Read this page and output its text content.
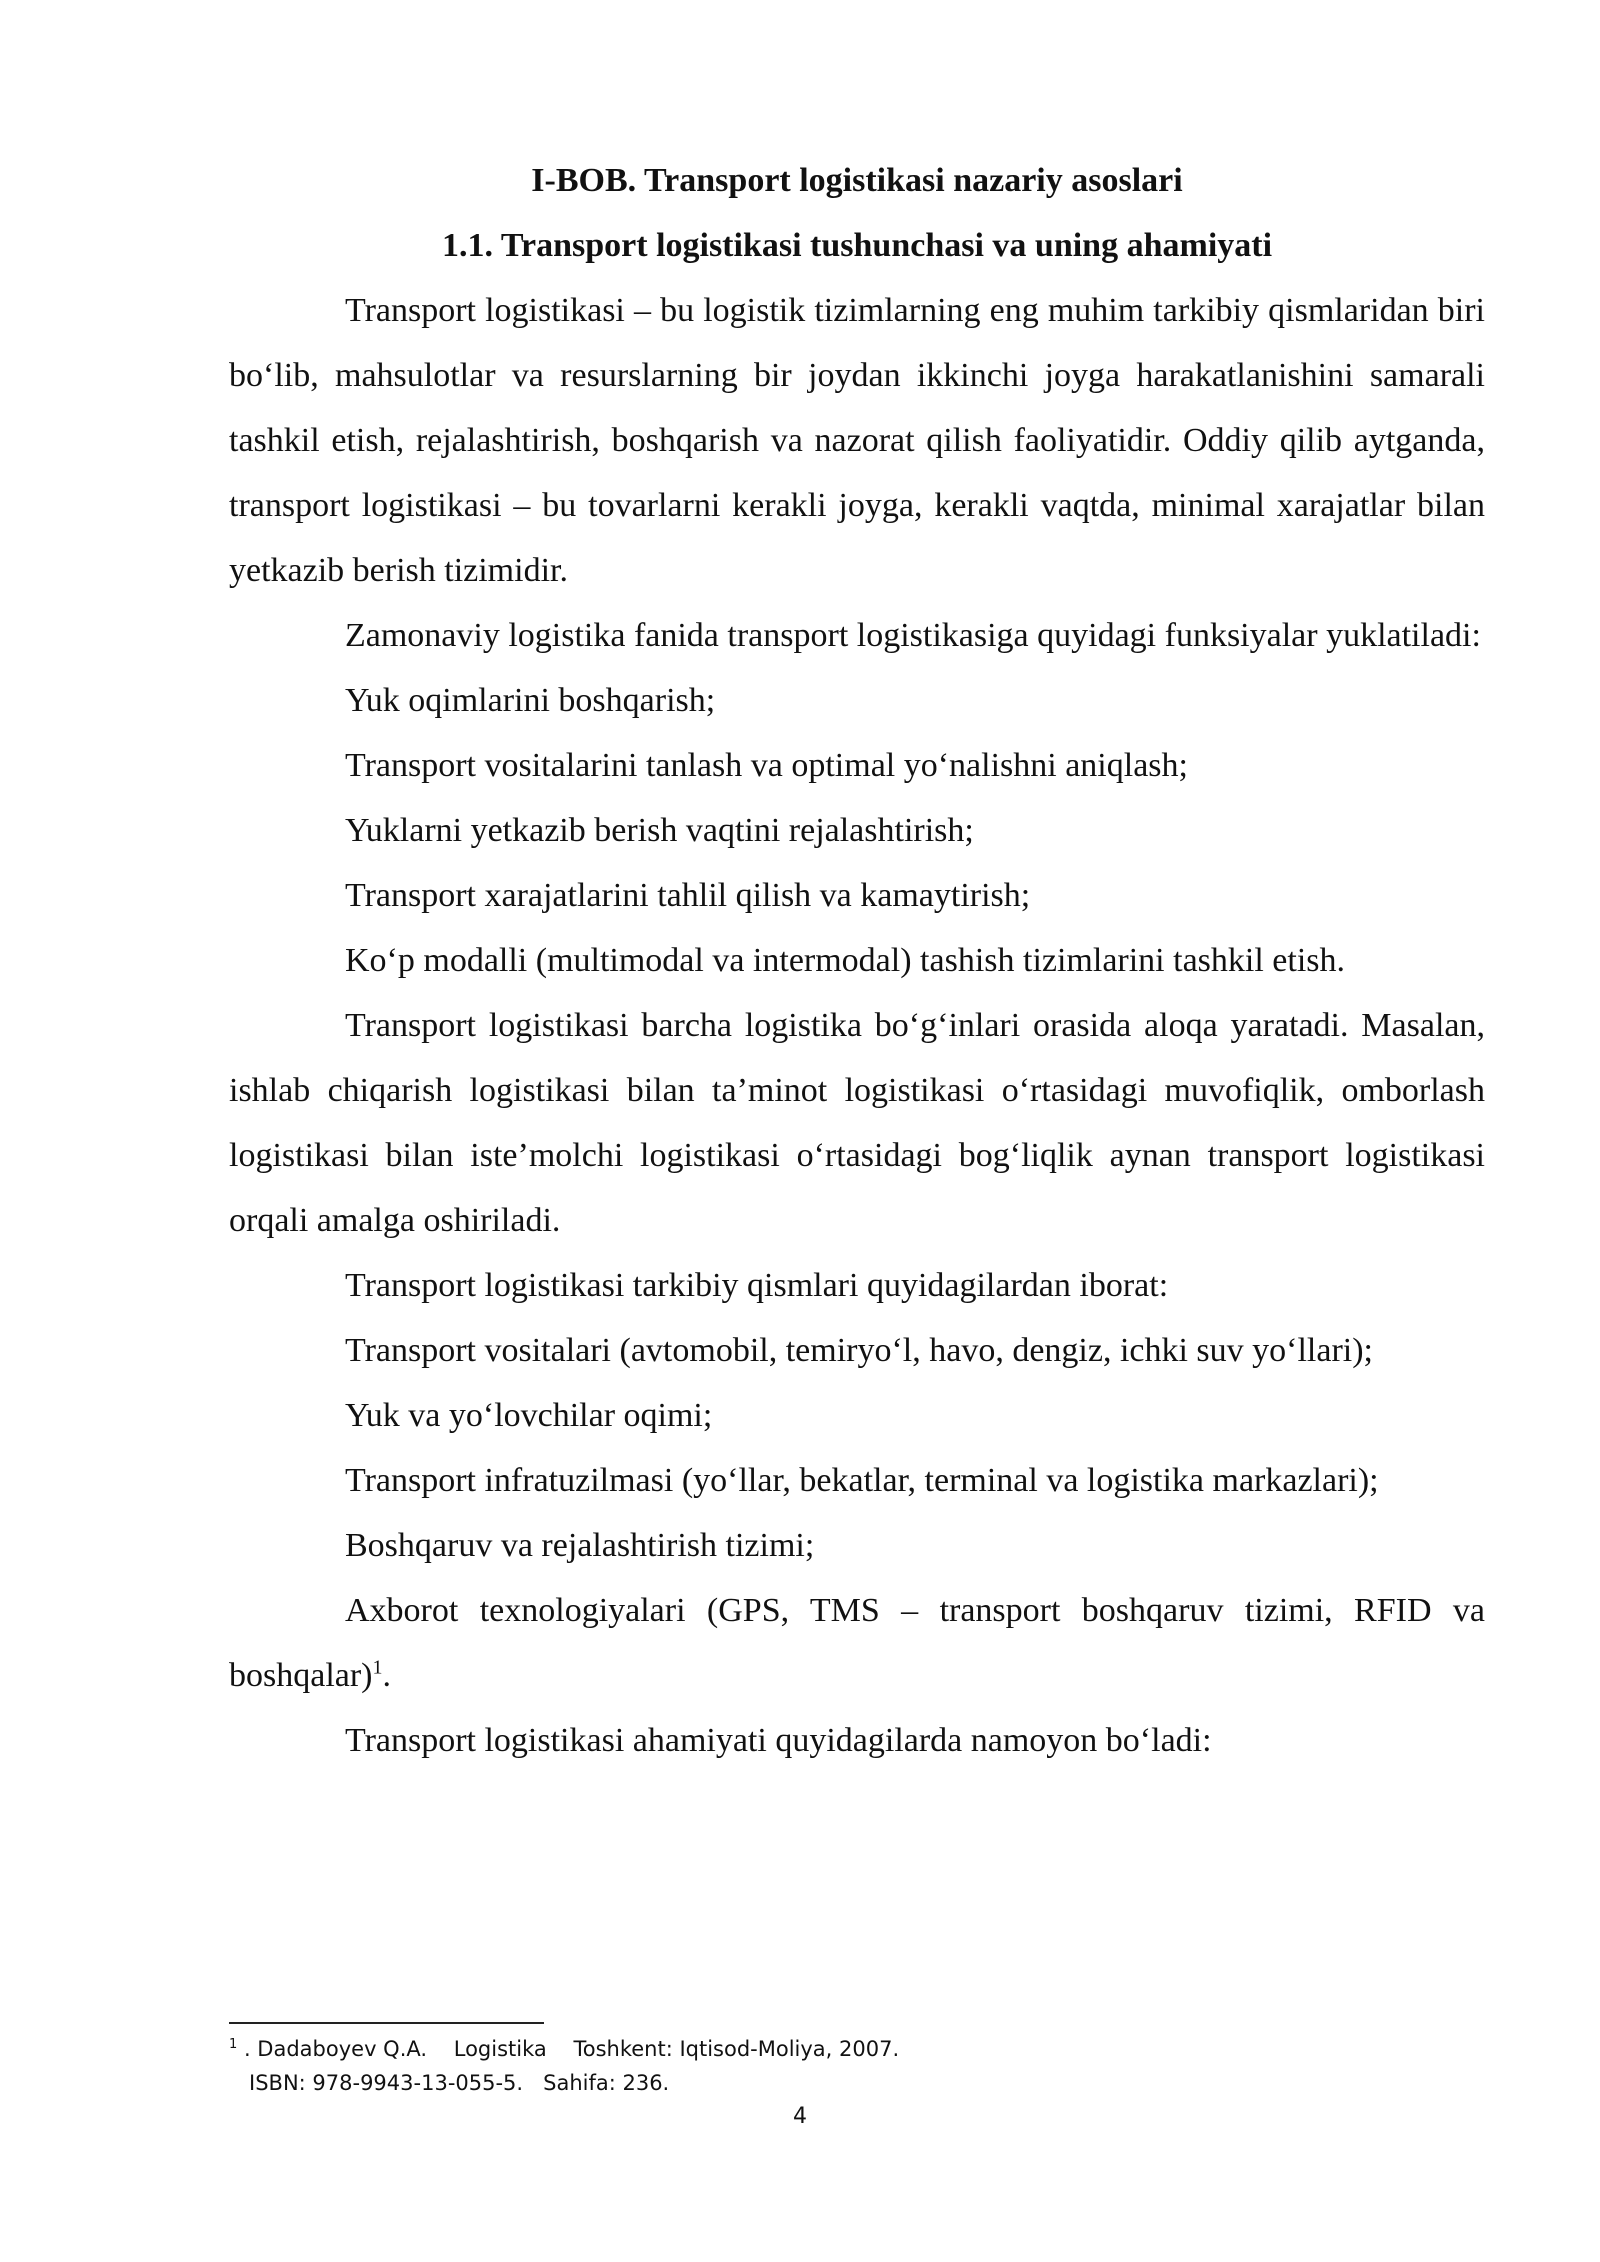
I-BOB. Transport logistikasi nazariy asoslari

1.1. Transport logistikasi tushunchasi va uning ahamiyati

Transport logistikasi – bu logistik tizimlarning eng muhim tarkibiy qismlaridan biri bo‘lib, mahsulotlar va resurslarning bir joydan ikkinchi joyga harakatlanishini samarali tashkil etish, rejalashtirish, boshqarish va nazorat qilish faoliyatidir. Oddiy qilib aytganda, transport logistikasi – bu tovarlarni kerakli joyga, kerakli vaqtda, minimal xarajatlar bilan yetkazib berish tizimidir.

Zamonaviy logistika fanida transport logistikasiga quyidagi funksiyalar yuklatiladi:

Yuk oqimlarini boshqarish;

Transport vositalarini tanlash va optimal yo‘nalishni aniqlash;

Yuklarni yetkazib berish vaqtini rejalashtirish;

Transport xarajatlarini tahlil qilish va kamaytirish;

Ko‘p modalli (multimodal va intermodal) tashish tizimlarini tashkil etish.

Transport logistikasi barcha logistika bo‘g‘inlari orasida aloqa yaratadi. Masalan, ishlab chiqarish logistikasi bilan ta’minot logistikasi o‘rtasidagi muvofiqlik, omborlash logistikasi bilan iste’molchi logistikasi o‘rtasidagi bog‘liqlik aynan transport logistikasi orqali amalga oshiriladi.

Transport logistikasi tarkibiy qismlari quyidagilardan iborat:

Transport vositalari (avtomobil, temiryo‘l, havo, dengiz, ichki suv yo‘llari);

Yuk va yo‘lovchilar oqimi;

Transport infratuzilmasi (yo‘llar, bekatlar, terminal va logistika markazlari);

Boshqaruv va rejalashtirish tizimi;

Axborot texnologiyalari (GPS, TMS – transport boshqaruv tizimi, RFID va boshqalar)$^1$.

Transport logistikasi ahamiyati quyidagilarda namoyon bo‘ladi:

$^1$ . Dadaboyev Q.A.    Logistika    Toshkent: Iqtisod-Moliya, 2007.
ISBN: 978-9943-13-055-5.   Sahifa: 236.
4
